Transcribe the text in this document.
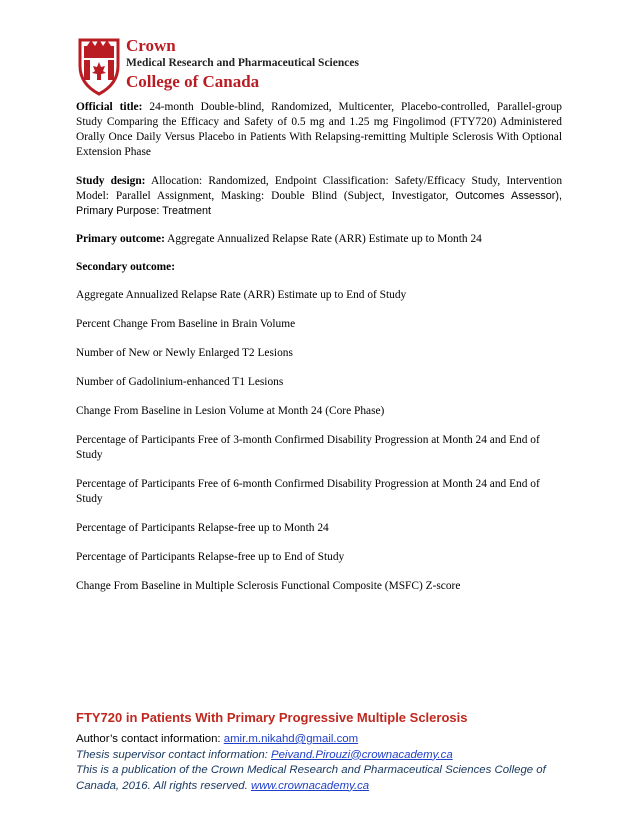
Crown
Medical Research and Pharmaceutical Sciences
College of Canada

Official title: 24-month Double-blind, Randomized, Multicenter, Placebo-controlled, Parallel-group Study Comparing the Efficacy and Safety of 0.5 mg and 1.25 mg Fingolimod (FTY720) Administered Orally Once Daily Versus Placebo in Patients With Relapsing-remitting Multiple Sclerosis With Optional Extension Phase

Study design: Allocation: Randomized, Endpoint Classification: Safety/Efficacy Study, Intervention Model: Parallel Assignment, Masking: Double Blind (Subject, Investigator, Outcomes Assessor), Primary Purpose: Treatment

Primary outcome: Aggregate Annualized Relapse Rate (ARR) Estimate up to Month 24

Secondary outcome:

Aggregate Annualized Relapse Rate (ARR) Estimate up to End of Study
Percent Change From Baseline in Brain Volume
Number of New or Newly Enlarged T2 Lesions
Number of Gadolinium-enhanced T1 Lesions
Change From Baseline in Lesion Volume at Month 24 (Core Phase)
Percentage of Participants Free of 3-month Confirmed Disability Progression at Month 24 and End of Study
Percentage of Participants Free of 6-month Confirmed Disability Progression at Month 24 and End of Study
Percentage of Participants Relapse-free up to Month 24
Percentage of Participants Relapse-free up to End of Study
Change From Baseline in Multiple Sclerosis Functional Composite (MSFC) Z-score

FTY720 in Patients With Primary Progressive Multiple Sclerosis

Author’s contact information: amir.m.nikahd@gmail.com

Thesis supervisor contact information: Peivand.Pirouzi@crownacademy.ca

This is a publication of the Crown Medical Research and Pharmaceutical Sciences College of Canada, 2016. All rights reserved. www.crownacademy.ca
